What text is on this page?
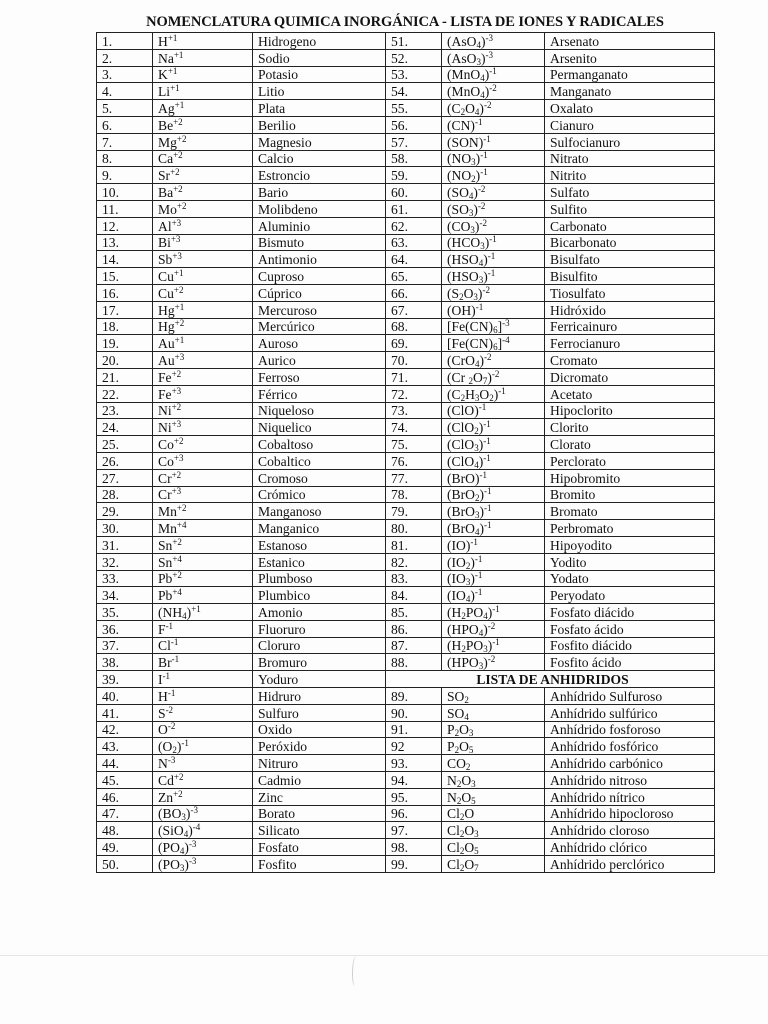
NOMENCLATURA QUIMICA INORGÁNICA - LISTA DE IONES Y RADICALES
1.	$H^{+1}$	Hidrogeno	51.	$(AsO_4)^{-3}$	Arsenato
2.	$Na^{+1}$	Sodio	52.	$(AsO_3)^{-3}$	Arsenito
3.	$K^{+1}$	Potasio	53.	$(MnO_4)^{-1}$	Permanganato
4.	$Li^{+1}$	Litio	54.	$(MnO_4)^{-2}$	Manganato
5.	$Ag^{+1}$	Plata	55.	$(C_2O_4)^{-2}$	Oxalato
6.	$Be^{+2}$	Berilio	56.	(CN)$^{-1}$	Cianuro
7.	$Mg^{+2}$	Magnesio	57.	(SON)$^{-1}$	Sulfocianuro
8.	$Ca^{+2}$	Calcio	58.	$(NO_3)^{-1}$	Nitrato
9.	$Sr^{+2}$	Estroncio	59.	$(NO_2)^{-1}$	Nitrito
10.	$Ba^{+2}$	Bario	60.	$(SO_4)^{-2}$	Sulfato
11.	$Mo^{+2}$	Molibdeno	61.	$(SO_3)^{-2}$	Sulfito
12.	$Al^{+3}$	Aluminio	62.	$(CO_3)^{-2}$	Carbonato
13.	$Bi^{+3}$	Bismuto	63.	$(HCO_3)^{-1}$	Bicarbonato
14.	$Sb^{+3}$	Antimonio	64.	$(HSO_4)^{-1}$	Bisulfato
15.	$Cu^{+1}$	Cuproso	65.	$(HSO_3)^{-1}$	Bisulfito
16.	$Cu^{+2}$	Cúprico	66.	$(S_2O_3)^{-2}$	Tiosulfato
17.	$Hg^{+1}$	Mercuroso	67.	(OH)$^{-1}$	Hidróxido
18.	$Hg^{+2}$	Mercúrico	68.	$[Fe(CN)_6]^{-3}$	Ferricainuro
19.	$Au^{+1}$	Auroso	69.	$[Fe(CN)_6]^{-4}$	Ferrocianuro
20.	$Au^{+3}$	Aurico	70.	$(CrO_4)^{-2}$	Cromato
21.	$Fe^{+2}$	Ferroso	71.	(Cr $_2O_7)^{-2}$	Dicromato
22.	$Fe^{+3}$	Férrico	72.	$(C_2H_3O_2)^{-1}$	Acetato
23.	$Ni^{+2}$	Niqueloso	73.	(ClO)$^{-1}$	Hipoclorito
24.	$Ni^{+3}$	Niquelico	74.	$(ClO_2)^{-1}$	Clorito
25.	$Co^{+2}$	Cobaltoso	75.	$(ClO_3)^{-1}$	Clorato
26.	$Co^{+3}$	Cobaltico	76.	$(ClO_4)^{-1}$	Perclorato
27.	$Cr^{+2}$	Cromoso	77.	(BrO)$^{-1}$	Hipobromito
28.	$Cr^{+3}$	Crómico	78.	$(BrO_2)^{-1}$	Bromito
29.	$Mn^{+2}$	Manganoso	79.	$(BrO_3)^{-1}$	Bromato
30.	$Mn^{+4}$	Manganico	80.	$(BrO_4)^{-1}$	Perbromato
31.	$Sn^{+2}$	Estanoso	81.	(IO)$^{-1}$	Hipoyodito
32.	$Sn^{+4}$	Estanico	82.	$(IO_2)^{-1}$	Yodito
33.	$Pb^{+2}$	Plumboso	83.	$(IO_3)^{-1}$	Yodato
34.	$Pb^{+4}$	Plumbico	84.	$(IO_4)^{-1}$	Peryodato
35.	$(NH_4)^{+1}$	Amonio	85.	$(H_2PO_4)^{-1}$	Fosfato diácido
36.	$F^{-1}$	Fluoruro	86.	$(HPO_4)^{-2}$	Fosfato ácido
37.	$Cl^{-1}$	Cloruro	87.	$(H_2PO_3)^{-1}$	Fosfito diácido
38.	$Br^{-1}$	Bromuro	88.	$(HPO_3)^{-2}$	Fosfito ácido
39.	$I^{-1}$	Yoduro	LISTA DE ANHIDRIDOS		
40.	$H^{-1}$	Hidruro	89.	$SO_2$	Anhídrido Sulfuroso
41.	$S^{-2}$	Sulfuro	90.	$SO_4$	Anhídrido sulfúrico
42.	$O^{-2}$	Oxido	91.	$P_2O_3$	Anhídrido fosforoso
43.	$(O_2)^{-1}$	Peróxido	92	$P_2O_5$	Anhídrido fosfórico
44.	$N^{-3}$	Nitruro	93.	$CO_2$	Anhídrido carbónico
45.	$Cd^{+2}$	Cadmio	94.	$N_2O_3$	Anhídrido nitroso
46.	$Zn^{+2}$	Zinc	95.	$N_2O_5$	Anhídrido nítrico
47.	$(BO_3)^{-3}$	Borato	96.	$Cl_2O$	Anhídrido hipocloroso
48.	$(SiO_4)^{-4}$	Silicato	97.	$Cl_2O_3$	Anhídrido cloroso
49.	$(PO_4)^{-3}$	Fosfato	98.	$Cl_2O_5$	Anhídrido clórico
50.	$(PO_3)^{-3}$	Fosfito	99.	$Cl_2O_7$	Anhídrido perclórico
